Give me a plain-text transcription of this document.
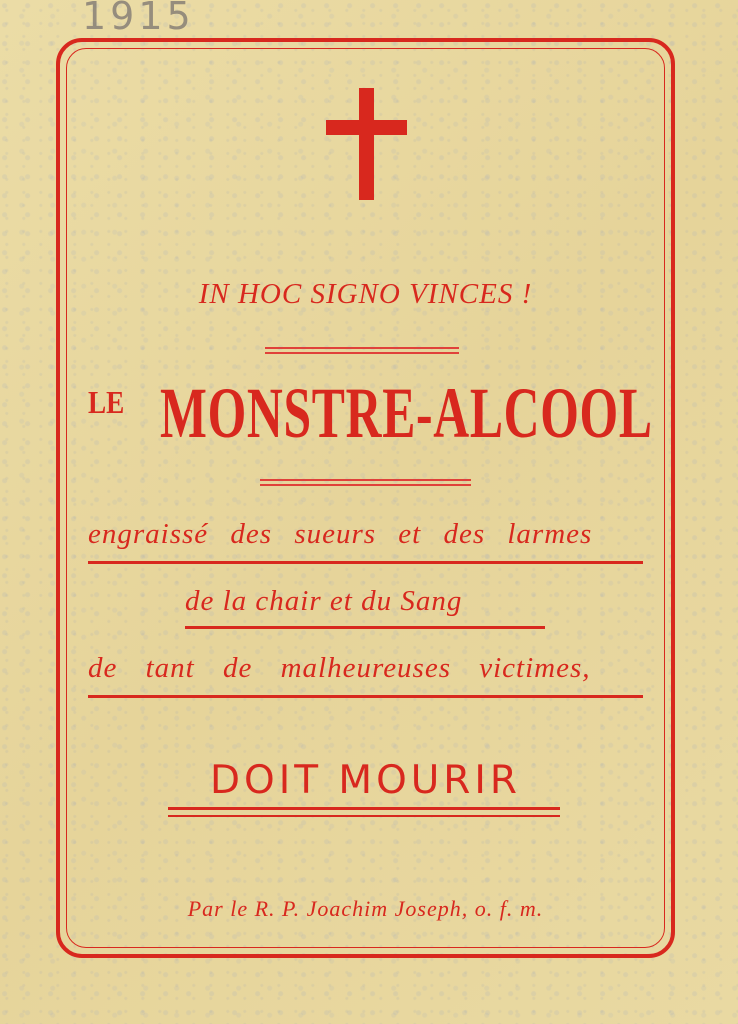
1915
IN HOC SIGNO VINCES !
LE MONSTRE-ALCOOL
engraissé des sueurs et des larmes
de la chair et du Sang
de tant de malheureuses victimes,
DOIT MOURIR
Par le R. P. Joachim Joseph, o. f. m.
